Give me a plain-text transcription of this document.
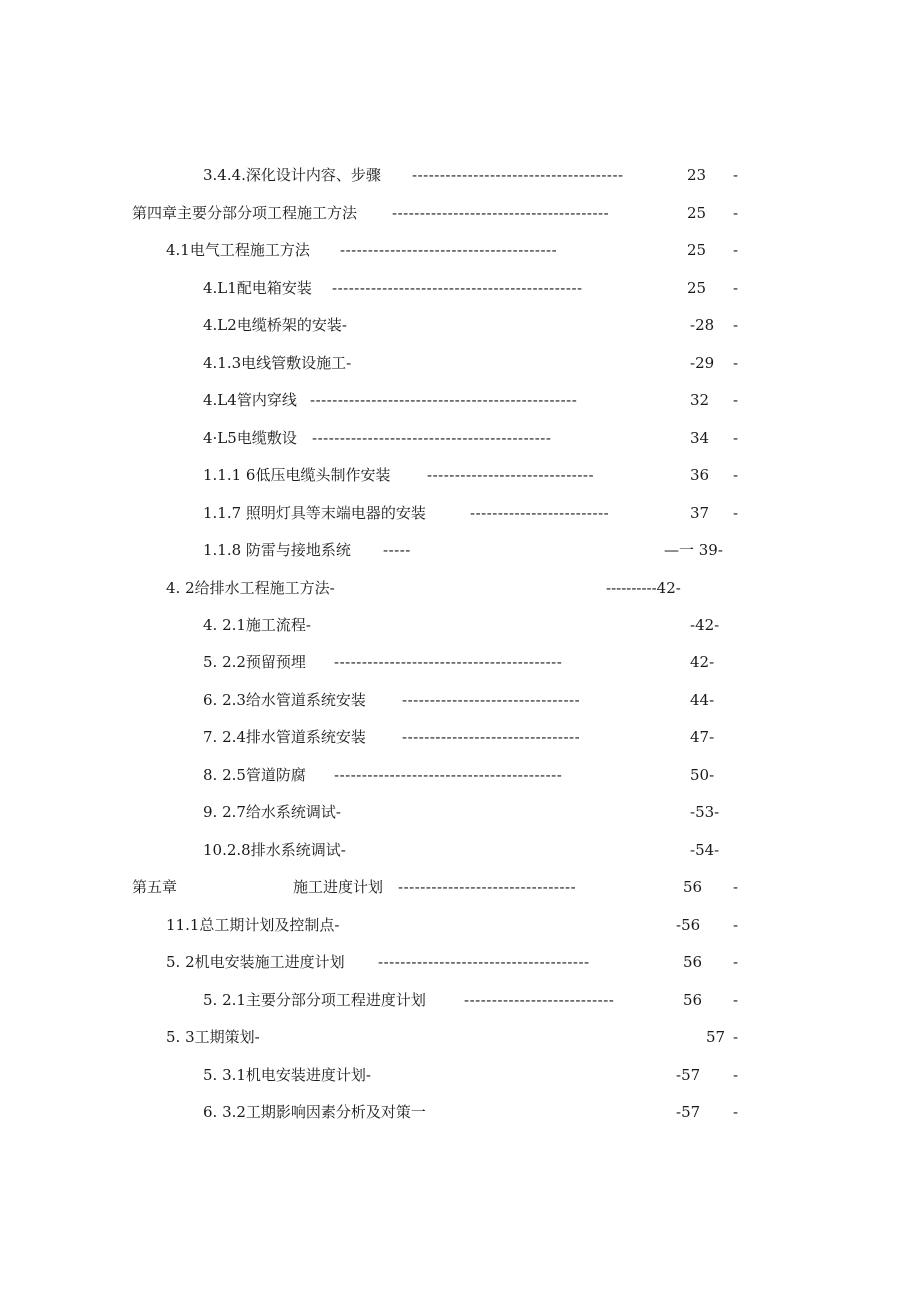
3.4.4.深化设计内容、步骤 --------------------------------------	23 -
第四章主要分部分项工程施工方法 ---------------------------------------	25 -
4.1电气工程施工方法 ---------------------------------------	25 -
4.L1配电箱安装 ---------------------------------------------	25 -
4.L2电缆桥架的安装-	-28 -
4.1.3电线管敷设施工-	-29 -
4.L4管内穿线 ------------------------------------------------	32 -
4·L5电缆敷设 -------------------------------------------	34 -
1.1.1 6低压电缆头制作安装 ------------------------------	36 -
1.1.7 照明灯具等末端电器的安装	-------------------------	37 -
1.1.8 防雷与接地系统 -----	—一 39-
4. 2给排水工程施工方法-	----------42-
4. 2.1施工流程-	-42-
5. 2.2预留预埋 -----------------------------------------	42-
6. 2.3给水管道系统安装 --------------------------------	44-
7. 2.4排水管道系统安装 --------------------------------	47-
8. 2.5管道防腐 -----------------------------------------	50-
9. 2.7给水系统调试-	-53-
10.2.8排水系统调试-	-54-
第五章	施工进度计划 --------------------------------	56 -
11.1总工期计划及控制点-	-56 -
5. 2机电安装施工进度计划 --------------------------------------	56 -
5. 2.1主要分部分项工程进度计划	---------------------------	56 -
5. 3工期策划-	57 -
5. 3.1机电安装进度计划-	-57 -
6. 3.2工期影响因素分析及对策一	-57 -
